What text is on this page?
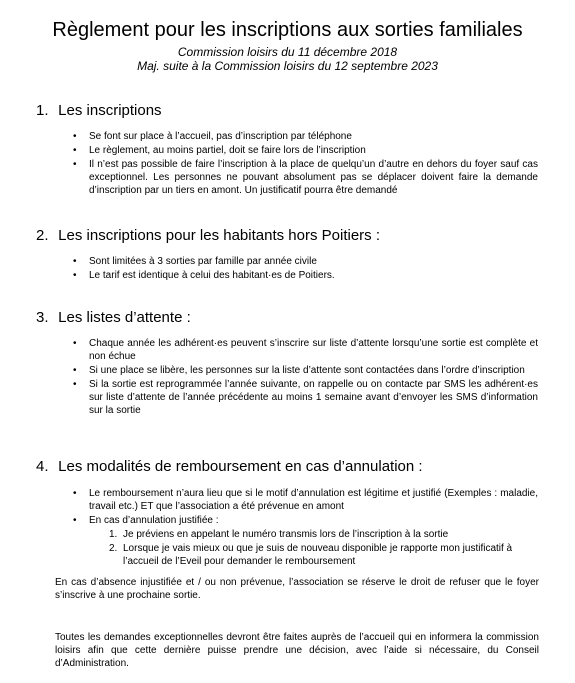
Règlement pour les inscriptions aux sorties familiales
Commission loisirs du 11 décembre 2018
Maj. suite à la Commission loisirs du 12 septembre 2023
1. Les inscriptions
• Se font sur place à l’accueil, pas d’inscription par téléphone
• Le règlement, au moins partiel, doit se faire lors de l’inscription
• Il n’est pas possible de faire l’inscription à la place de quelqu’un d’autre en dehors du foyer sauf cas exceptionnel. Les personnes ne pouvant absolument pas se déplacer doivent faire la demande d’inscription par un tiers en amont. Un justificatif pourra être demandé
2. Les inscriptions pour les habitants hors Poitiers :
• Sont limitées à 3 sorties par famille par année civile
• Le tarif est identique à celui des habitant·es de Poitiers.
3. Les listes d’attente :
• Chaque année les adhérent·es peuvent s’inscrire sur liste d’attente lorsqu’une sortie est complète et non échue
• Si une place se libère, les personnes sur la liste d’attente sont contactées dans l’ordre d’inscription
• Si la sortie est reprogrammée l’année suivante, on rappelle ou on contacte par SMS les adhérent·es sur liste d’attente de l’année précédente au moins 1 semaine avant d’envoyer les SMS d’information sur la sortie
4. Les modalités de remboursement en cas d’annulation :
• Le remboursement n’aura lieu que si le motif d’annulation est légitime et justifié (Exemples : maladie, travail etc.) ET que l’association a été prévenue en amont
• En cas d’annulation justifiée :
1. Je préviens en appelant le numéro transmis lors de l’inscription à la sortie
2. Lorsque je vais mieux ou que je suis de nouveau disponible je rapporte mon justificatif à l’accueil de l’Eveil pour demander le remboursement

En cas d’absence injustifiée et / ou non prévenue, l’association se réserve le droit de refuser que le foyer s’inscrive à une prochaine sortie.

Toutes les demandes exceptionnelles devront être faites auprès de l’accueil qui en informera la commission loisirs afin que cette dernière puisse prendre une décision, avec l’aide si nécessaire, du Conseil d’Administration.
